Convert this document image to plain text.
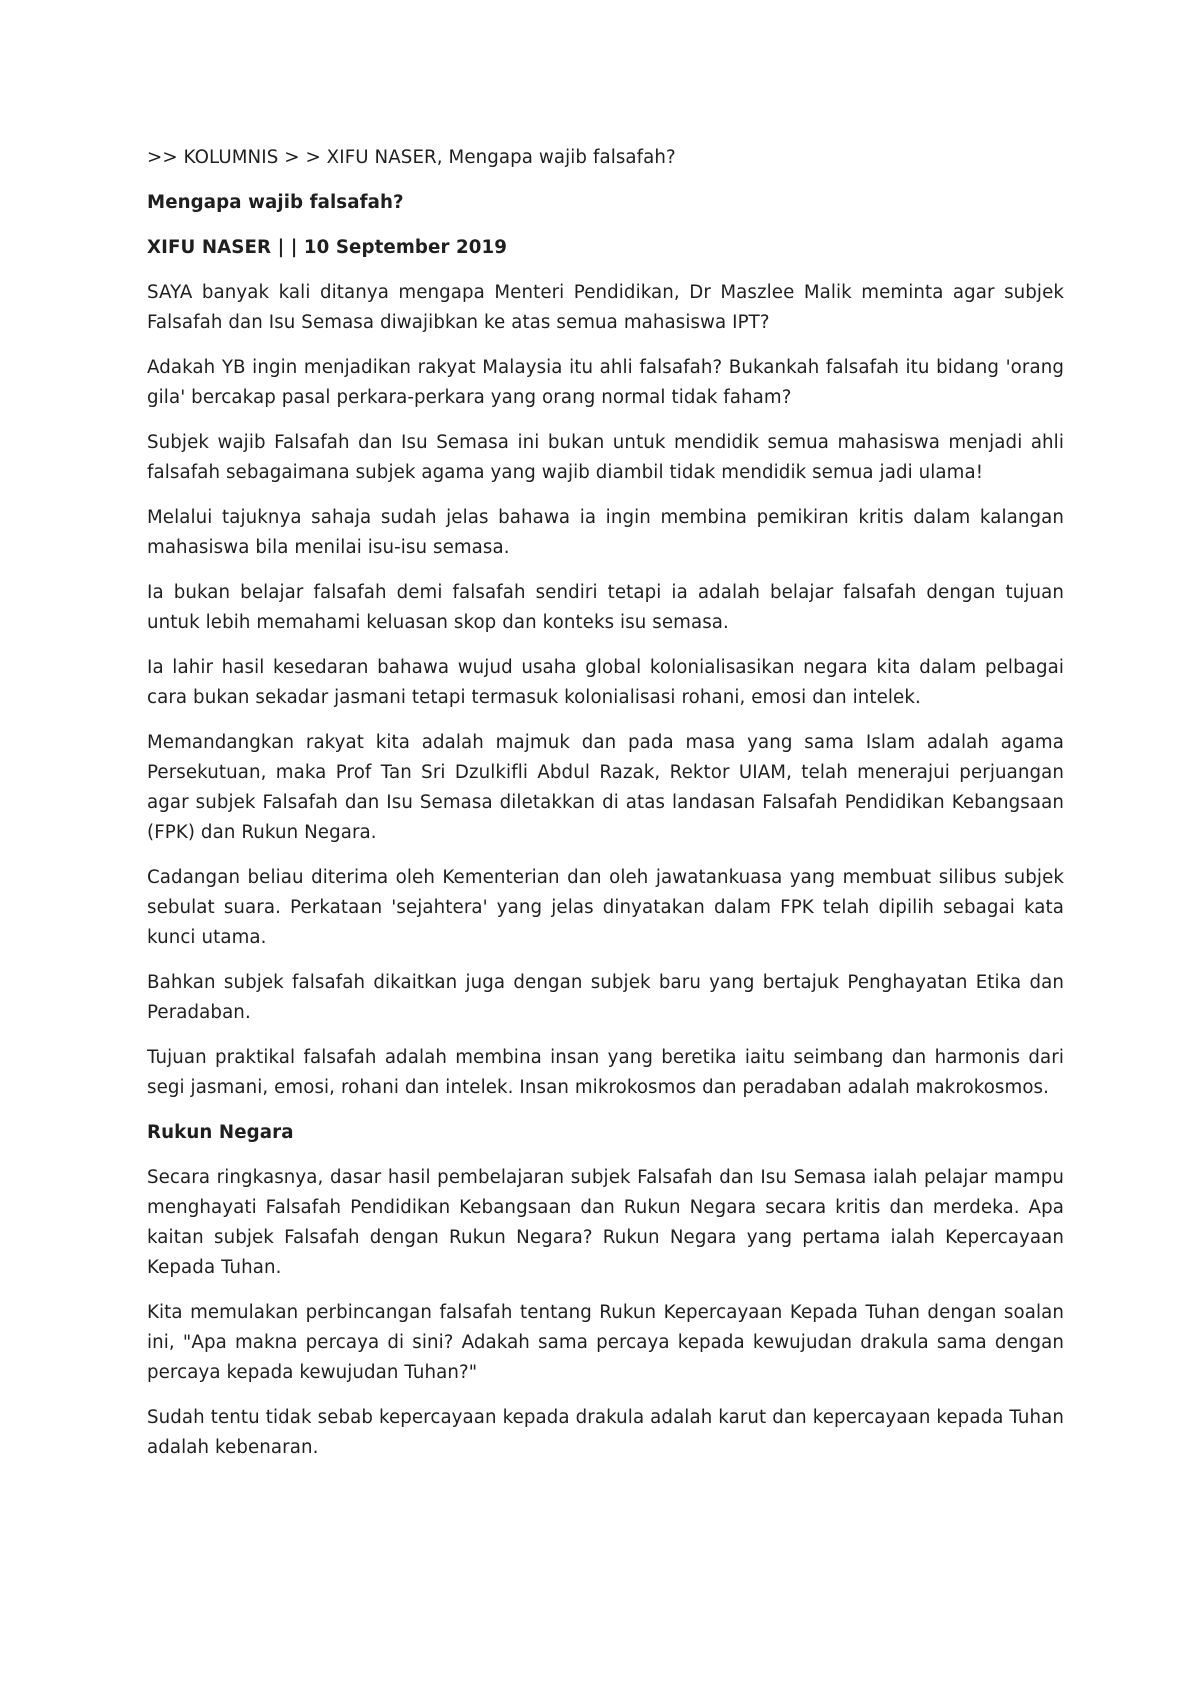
>> KOLUMNIS > > XIFU NASER, Mengapa wajib falsafah?

Mengapa wajib falsafah?

XIFU NASER | | 10 September 2019

SAYA banyak kali ditanya mengapa Menteri Pendidikan, Dr Maszlee Malik meminta agar subjek Falsafah dan Isu Semasa diwajibkan ke atas semua mahasiswa IPT?

Adakah YB ingin menjadikan rakyat Malaysia itu ahli falsafah? Bukankah falsafah itu bidang 'orang gila' bercakap pasal perkara-perkara yang orang normal tidak faham?

Subjek wajib Falsafah dan Isu Semasa ini bukan untuk mendidik semua mahasiswa menjadi ahli falsafah sebagaimana subjek agama yang wajib diambil tidak mendidik semua jadi ulama!

Melalui tajuknya sahaja sudah jelas bahawa ia ingin membina pemikiran kritis dalam kalangan mahasiswa bila menilai isu-isu semasa.

Ia bukan belajar falsafah demi falsafah sendiri tetapi ia adalah belajar falsafah dengan tujuan untuk lebih memahami keluasan skop dan konteks isu semasa.

Ia lahir hasil kesedaran bahawa wujud usaha global kolonialisasikan negara kita dalam pelbagai cara bukan sekadar jasmani tetapi termasuk kolonialisasi rohani, emosi dan intelek.

Memandangkan rakyat kita adalah majmuk dan pada masa yang sama Islam adalah agama Persekutuan, maka Prof Tan Sri Dzulkifli Abdul Razak, Rektor UIAM, telah menerajui perjuangan agar subjek Falsafah dan Isu Semasa diletakkan di atas landasan Falsafah Pendidikan Kebangsaan (FPK) dan Rukun Negara.

Cadangan beliau diterima oleh Kementerian dan oleh jawatankuasa yang membuat silibus subjek sebulat suara. Perkataan 'sejahtera' yang jelas dinyatakan dalam FPK telah dipilih sebagai kata kunci utama.

Bahkan subjek falsafah dikaitkan juga dengan subjek baru yang bertajuk Penghayatan Etika dan Peradaban.

Tujuan praktikal falsafah adalah membina insan yang beretika iaitu seimbang dan harmonis dari segi jasmani, emosi, rohani dan intelek. Insan mikrokosmos dan peradaban adalah makrokosmos.

Rukun Negara

Secara ringkasnya, dasar hasil pembelajaran subjek Falsafah dan Isu Semasa ialah pelajar mampu menghayati Falsafah Pendidikan Kebangsaan dan Rukun Negara secara kritis dan merdeka. Apa kaitan subjek Falsafah dengan Rukun Negara? Rukun Negara yang pertama ialah Kepercayaan Kepada Tuhan.

Kita memulakan perbincangan falsafah tentang Rukun Kepercayaan Kepada Tuhan dengan soalan ini, "Apa makna percaya di sini? Adakah sama percaya kepada kewujudan drakula sama dengan percaya kepada kewujudan Tuhan?"

Sudah tentu tidak sebab kepercayaan kepada drakula adalah karut dan kepercayaan kepada Tuhan adalah kebenaran.
